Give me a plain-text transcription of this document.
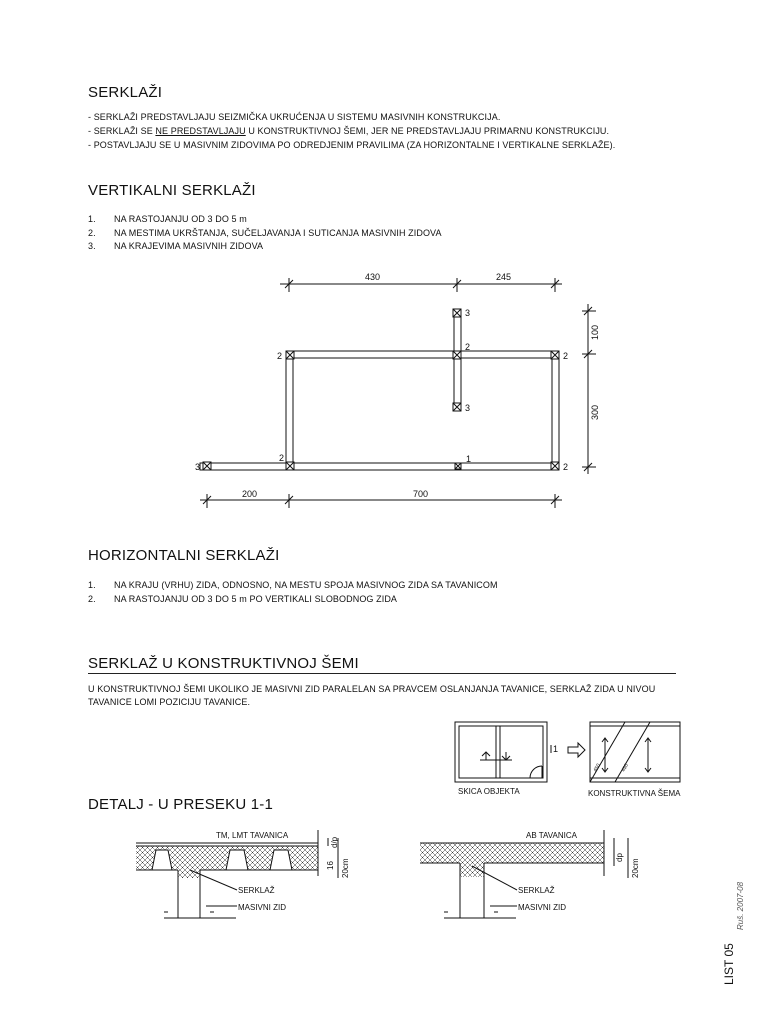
SERKLAŽI
- SERKLAŽI PREDSTAVLJAJU SEIZMIČKA UKRUĆENJA U SISTEMU MASIVNIH KONSTRUKCIJA.
- SERKLAŽI SE NE PREDSTAVLJAJU U KONSTRUKTIVNOJ ŠEMI, JER NE PREDSTAVLJAJU PRIMARNU KONSTRUKCIJU.
- POSTAVLJAJU SE U MASIVNIM ZIDOVIMA PO ODREDJENIM PRAVILIMA (ZA HORIZONTALNE I VERTIKALNE SERKLAŽE).
VERTIKALNI SERKLAŽI
1. NA RASTOJANJU OD 3 DO 5 m
2. NA MESTIMA UKRŠTANJA, SUČELJAVANJA I SUTICANJA MASIVNIH ZIDOVA
3. NA KRAJEVIMA MASIVNIH ZIDOVA
HORIZONTALNI SERKLAŽI
1. NA KRAJU (VRHU) ZIDA, ODNOSNO, NA MESTU SPOJA MASIVNOG ZIDA SA TAVANICOM
2. NA RASTOJANJU OD 3 DO 5 m PO VERTIKALI SLOBODNOG ZIDA
SERKLAŽ U KONSTRUKTIVNOJ ŠEMI
U KONSTRUKTIVNOJ ŠEMI UKOLIKO JE MASIVNI ZID PARALELAN SA PRAVCEM OSLANJANJA TAVANICE, SERKLAŽ ZIDA U NIVOU
TAVANICE LOMI POZICIJU TAVANICE.
DETALJ - U PRESEKU 1-1
430	245
200	700
100
300
3
2
3
2	2
2
3	2
1
1
SKICA OBJEKTA
450	450
KONSTRUKTIVNA ŠEMA
TM, LMT TAVANICA
d/p
16 20cm
SERKLAŽ
MASIVNI ZID
AB TAVANICA
dp
20cm
SERKLAŽ
MASIVNI ZID	Ruš. 2007-08
LIST 05
